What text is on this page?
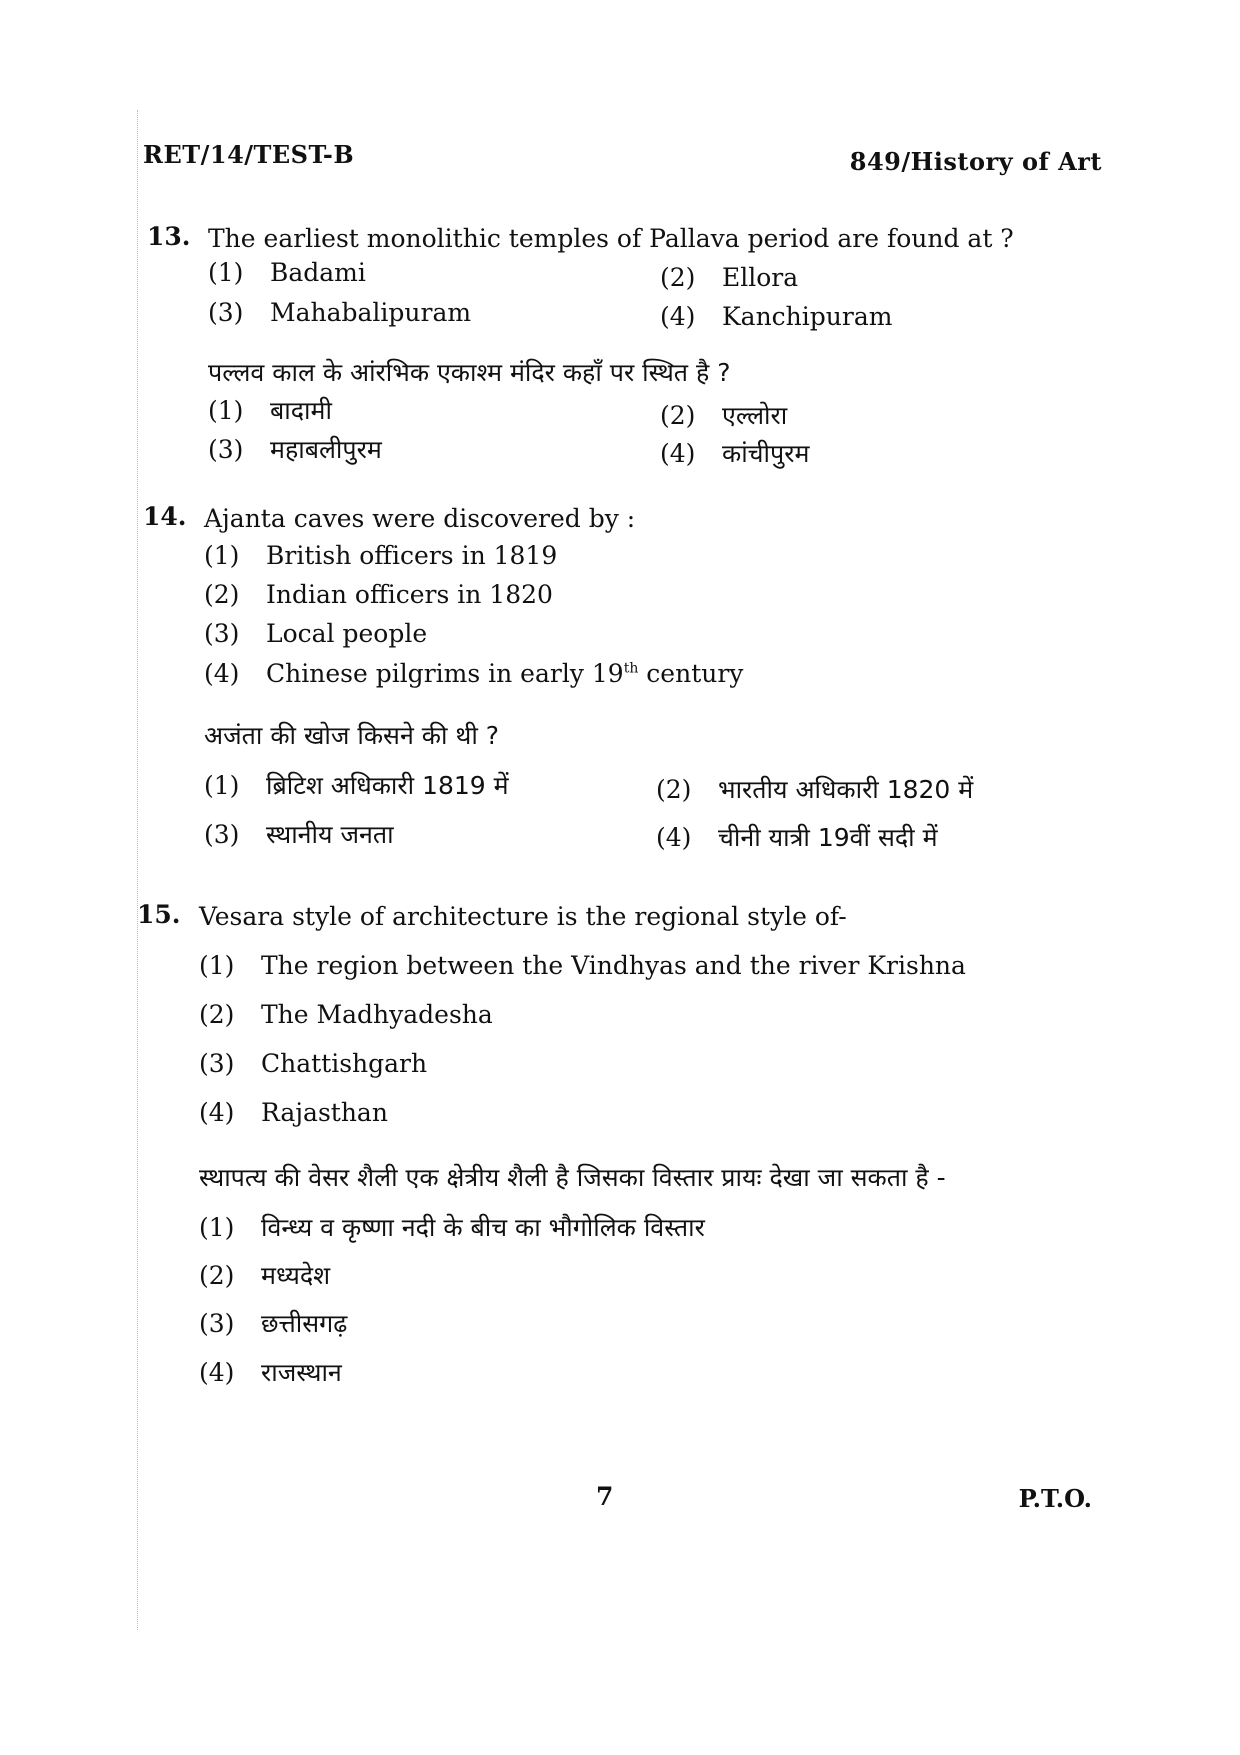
RET/14/TEST-B	849/History of Art
13. The earliest monolithic temples of Pallava period are found at ?
(1) Badami	(2) Ellora
(3) Mahabalipuram	(4) Kanchipuram
पल्लव काल के आंरभिक एकाश्म मंदिर कहाँ पर स्थित है ?
(1) बादामी	(2) एल्लोरा
(3) महाबलीपुरम	(4) कांचीपुरम
14. Ajanta caves were discovered by :
(1) British officers in 1819
(2) Indian officers in 1820
(3) Local people
(4) Chinese pilgrims in early 19th century
अजंता की खोज किसने की थी ?
(1) ब्रिटिश अधिकारी 1819 में	(2) भारतीय अधिकारी 1820 में
(3) स्थानीय जनता	(4) चीनी यात्री 19वीं सदी में
15. Vesara style of architecture is the regional style of-
(1) The region between the Vindhyas and the river Krishna
(2) The Madhyadesha
(3) Chattishgarh
(4) Rajasthan
स्थापत्य की वेसर शैली एक क्षेत्रीय शैली है जिसका विस्तार प्रायः देखा जा सकता है -
(1) विन्ध्य व कृष्णा नदी के बीच का भौगोलिक विस्तार
(2) मध्यदेश
(3) छत्तीसगढ़
(4) राजस्थान
7	P.T.O.
